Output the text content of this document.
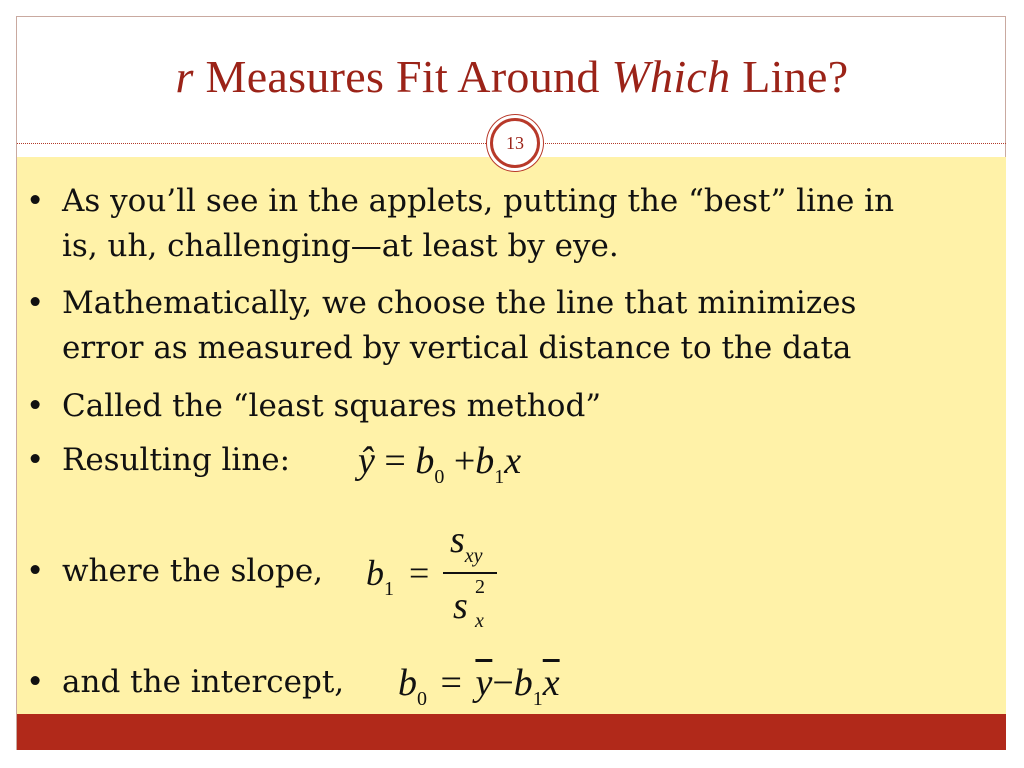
r Measures Fit Around Which Line?
13
• As you’ll see in the applets, putting the “best” line in
is, uh, challenging—at least by eye.
• Mathematically, we choose the line that minimizes
error as measured by vertical distance to the data
• Called the “least squares method”
• Resulting line:	ŷ = $b_0 +b_1x$
• where the slope,	$b_1$ =
$s_{xy}$
s 2
x
• and the intercept,	$b_0 = \overline{y}-b_1\overline{x}$
